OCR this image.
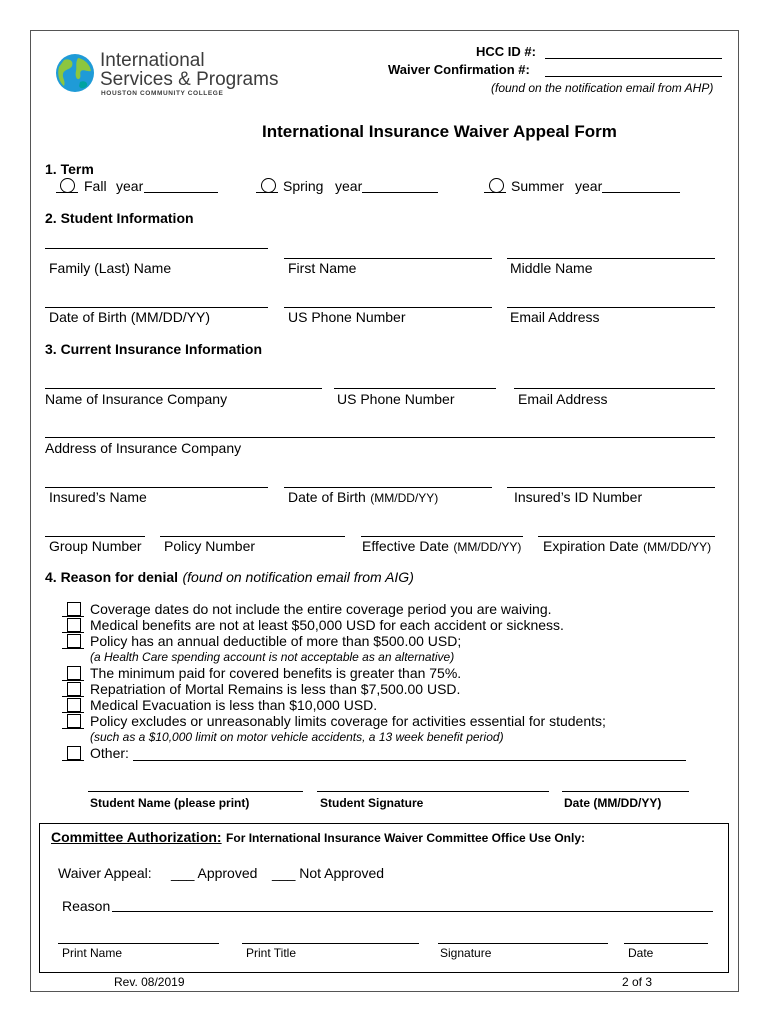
International
Services & Programs
HOUSTON COMMUNITY COLLEGE
HCC ID #:
Waiver Confirmation #:
(found on the notification email from AHP)
International Insurance Waiver Appeal Form
1. Term
Fall year	Spring year	Summer year
2. Student Information
Family (Last) Name	First Name	Middle Name
Date of Birth (MM/DD/YY)	US Phone Number	Email Address
3. Current Insurance Information
Name of Insurance Company	US Phone Number	Email Address
Address of Insurance Company
Insured’s Name	Date of Birth (MM/DD/YY)	Insured’s ID Number
Group Number Policy Number	Effective Date (MM/DD/YY) Expiration Date (MM/DD/YY)
4. Reason for denial (found on notification email from AIG)
Coverage dates do not include the entire coverage period you are waiving.
Medical benefits are not at least $50,000 USD for each accident or sickness.
Policy has an annual deductible of more than $500.00 USD;
(a Health Care spending account is not acceptable as an alternative)
The minimum paid for covered benefits is greater than 75%.
Repatriation of Mortal Remains is less than $7,500.00 USD.
Medical Evacuation is less than $10,000 USD.
Policy excludes or unreasonably limits coverage for activities essential for students;
(such as a $10,000 limit on motor vehicle accidents, a 13 week benefit period)
Other:
Student Name (please print)	Student Signature	Date (MM/DD/YY)
Committee Authorization: For International Insurance Waiver Committee Office Use Only:
Waiver Appeal: ___ Approved ___ Not Approved
Reason
Print Name	Print Title	Signature	Date
Rev. 08/2019	2 of 3
